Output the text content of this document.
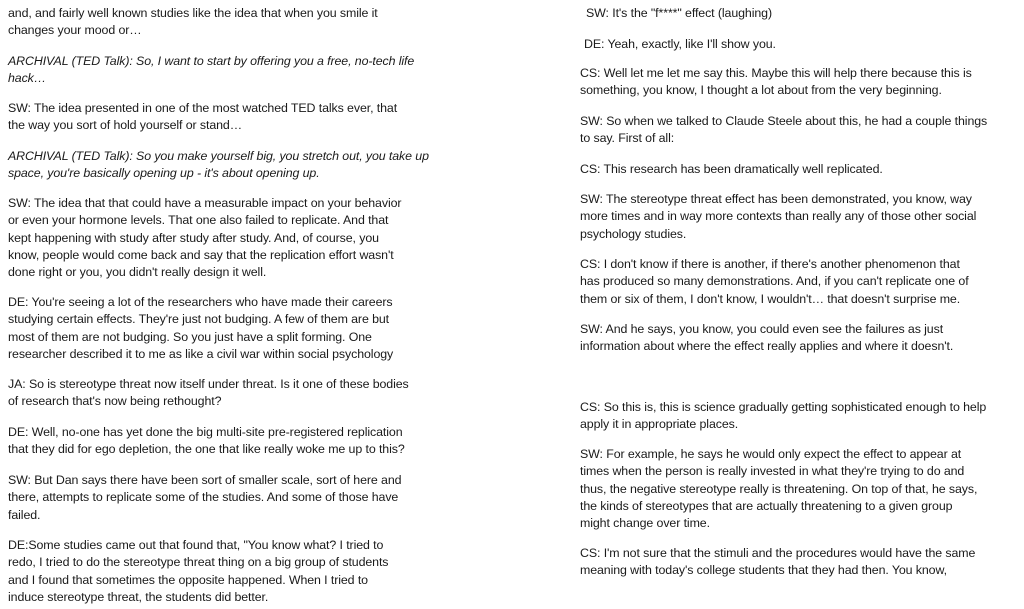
and, and fairly well known studies like the idea that when you smile it
changes your mood or…

ARCHIVAL (TED Talk): So, I want to start by offering you a free, no-tech life
hack…

SW: The idea presented in one of the most watched TED talks ever, that
the way you sort of hold yourself or stand…

ARCHIVAL (TED Talk): So you make yourself big, you stretch out, you take up
space, you're basically opening up - it's about opening up.

SW: The idea that that could have a measurable impact on your behavior
or even your hormone levels. That one also failed to replicate. And that
kept happening with study after study after study. And, of course, you
know, people would come back and say that the replication effort wasn't
done right or you, you didn't really design it well.

DE: You're seeing a lot of the researchers who have made their careers
studying certain effects. They're just not budging. A few of them are but
most of them are not budging. So you just have a split forming. One
researcher described it to me as like a civil war within social psychology

JA: So is stereotype threat now itself under threat. Is it one of these bodies
of research that's now being rethought?

DE: Well, no-one has yet done the big multi-site pre-registered replication
that they did for ego depletion, the one that like really woke me up to this?

SW: But Dan says there have been sort of smaller scale, sort of here and
there, attempts to replicate some of the studies. And some of those have
failed.

DE:Some studies came out that found that, "You know what? I tried to
redo, I tried to do the stereotype threat thing on a big group of students
and I found that sometimes the opposite happened. When I tried to
induce stereotype threat, the students did better.

SW: It's the "f****" effect (laughing)

DE: Yeah, exactly, like I'll show you.

CS: Well let me let me say this. Maybe this will help there because this is
something, you know, I thought a lot about from the very beginning.

SW: So when we talked to Claude Steele about this, he had a couple things
to say. First of all:

CS: This research has been dramatically well replicated.

SW: The stereotype threat effect has been demonstrated, you know, way
more times and in way more contexts than really any of those other social
psychology studies.

CS: I don't know if there is another, if there's another phenomenon that
has produced so many demonstrations. And, if you can't replicate one of
them or six of them, I don't know, I wouldn't… that doesn't surprise me.

SW: And he says, you know, you could even see the failures as just
information about where the effect really applies and where it doesn't.

CS: So this is, this is science gradually getting sophisticated enough to help
apply it in appropriate places.

SW: For example, he says he would only expect the effect to appear at
times when the person is really invested in what they're trying to do and
thus, the negative stereotype really is threatening. On top of that, he says,
the kinds of stereotypes that are actually threatening to a given group
might change over time.

CS: I'm not sure that the stimuli and the procedures would have the same
meaning with today's college students that they had then. You know,
